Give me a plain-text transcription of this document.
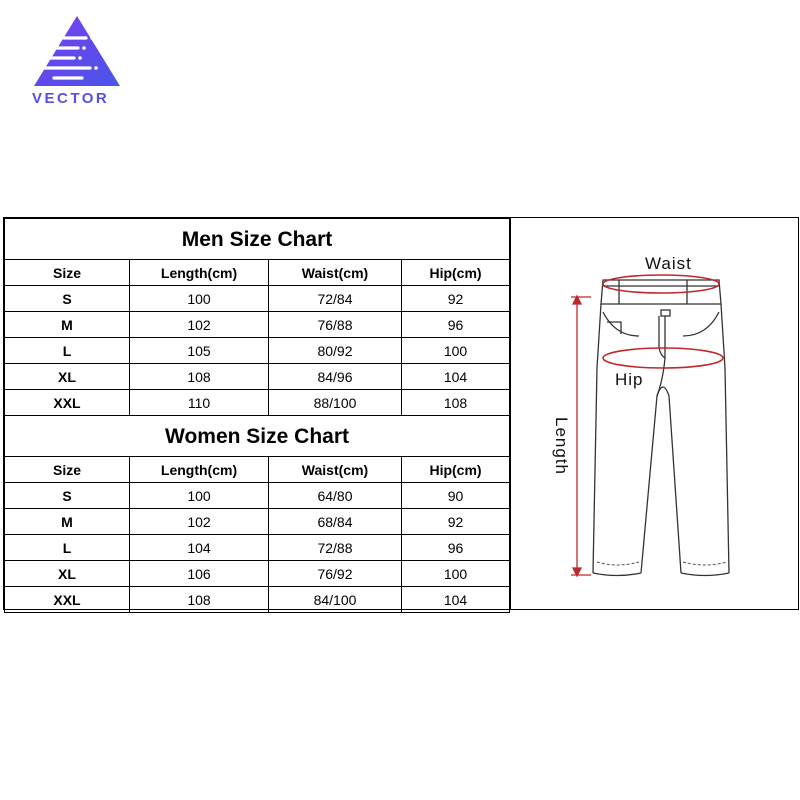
VECTOR
Men Size Chart			
Size	Length(cm)	Waist(cm)	Hip(cm)
S	100	72/84	92
M	102	76/88	96
L	105	80/92	100
XL	108	84/96	104
XXL	110	88/100	108
Women Size Chart			
Size	Length(cm)	Waist(cm)	Hip(cm)
S	100	64/80	90
M	102	68/84	92
L	104	72/88	96
XL	106	76/92	100
XXL	108	84/100	104
Waist
Hip
Length
